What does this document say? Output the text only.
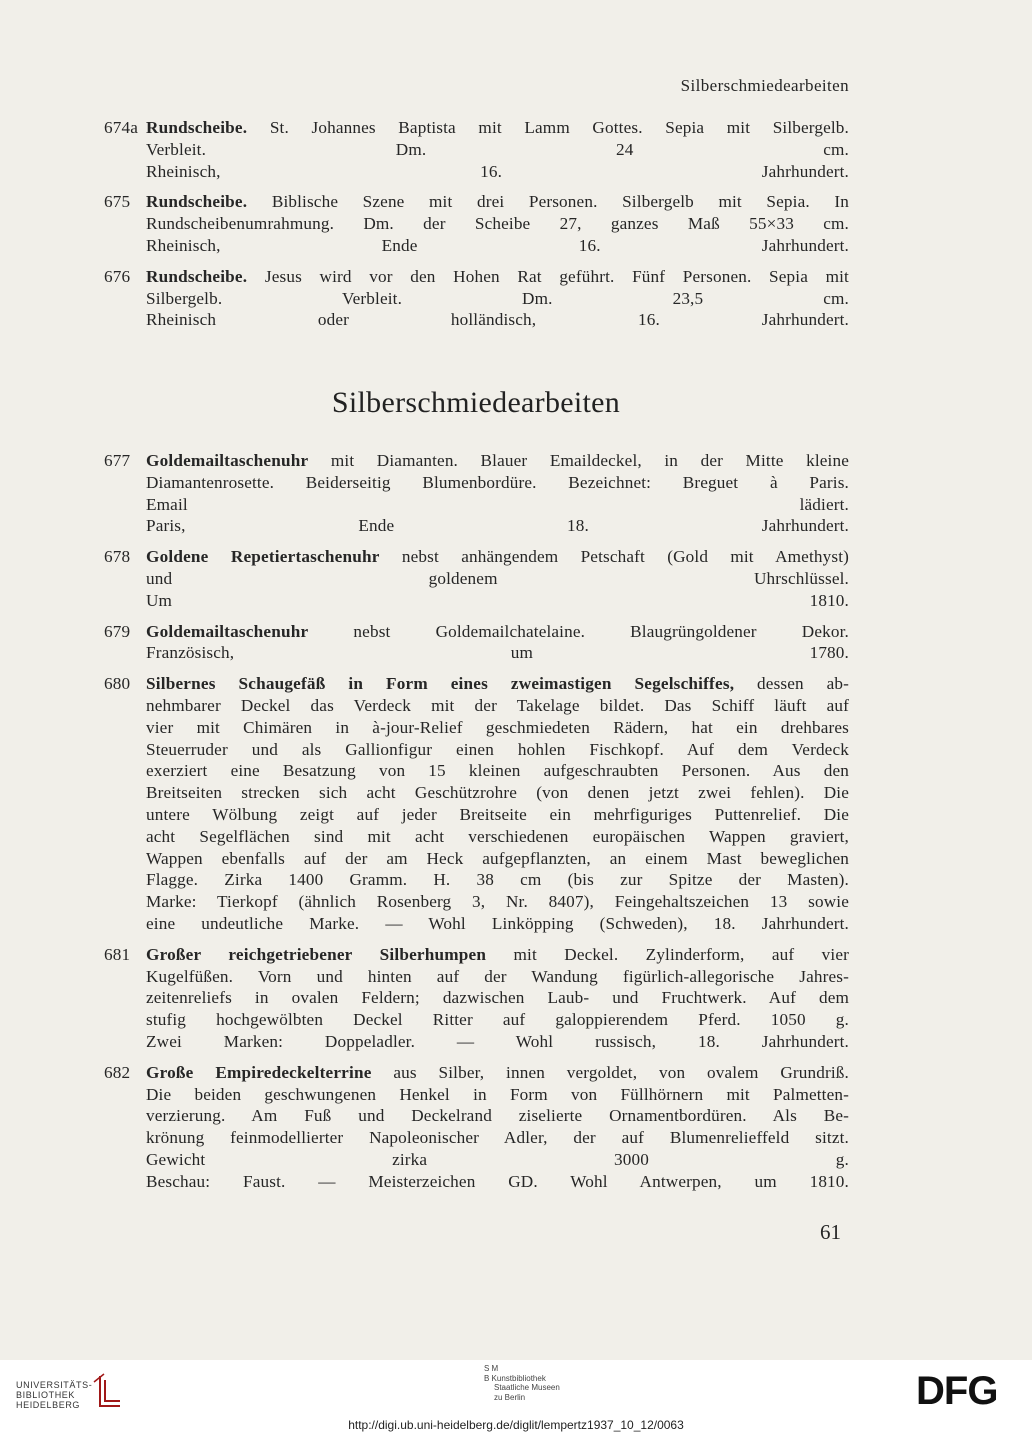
Silberschmiedearbeiten
674a Rundscheibe. St. Johannes Baptista mit Lamm Gottes. Sepia mit Silbergelb.
Verbleit. Dm. 24 cm.
Rheinisch, 16. Jahrhundert.
675 Rundscheibe. Biblische Szene mit drei Personen. Silbergelb mit Sepia. In
Rundscheibenumrahmung. Dm. der Scheibe 27, ganzes Maß 55×33 cm.
Rheinisch, Ende 16. Jahrhundert.
676 Rundscheibe. Jesus wird vor den Hohen Rat geführt. Fünf Personen. Sepia mit
Silbergelb. Verbleit. Dm. 23,5 cm.
Rheinisch oder holländisch, 16. Jahrhundert.
Silberschmiedearbeiten
677 Goldemailtaschenuhr mit Diamanten. Blauer Emaildeckel, in der Mitte kleine
Diamantenrosette. Beiderseitig Blumenbordüre. Bezeichnet: Breguet à Paris.
Email lädiert.
Paris, Ende 18. Jahrhundert.
678 Goldene Repetiertaschenuhr nebst anhängendem Petschaft (Gold mit Amethyst)
und goldenem Uhrschlüssel.
Um 1810.
679 Goldemailtaschenuhr nebst Goldemailchatelaine. Blaugrüngoldener Dekor.
Französisch, um 1780.
680 Silbernes Schaugefäß in Form eines zweimastigen Segelschiffes, dessen ab-
nehmbarer Deckel das Verdeck mit der Takelage bildet. Das Schiff läuft auf
vier mit Chimären in à-jour-Relief geschmiedeten Rädern, hat ein drehbares
Steuerruder und als Gallionfigur einen hohlen Fischkopf. Auf dem Verdeck
exerziert eine Besatzung von 15 kleinen aufgeschraubten Personen. Aus den
Breitseiten strecken sich acht Geschützrohre (von denen jetzt zwei fehlen). Die
untere Wölbung zeigt auf jeder Breitseite ein mehrfiguriges Puttenrelief. Die
acht Segelflächen sind mit acht verschiedenen europäischen Wappen graviert,
Wappen ebenfalls auf der am Heck aufgepflanzten, an einem Mast beweglichen
Flagge. Zirka 1400 Gramm. H. 38 cm (bis zur Spitze der Masten).
Marke: Tierkopf (ähnlich Rosenberg 3, Nr. 8407), Feingehaltszeichen 13 sowie
eine undeutliche Marke. — Wohl Linköpping (Schweden), 18. Jahrhundert.
681 Großer reichgetriebener Silberhumpen mit Deckel. Zylinderform, auf vier
Kugelfüßen. Vorn und hinten auf der Wandung figürlich-allegorische Jahres-
zeitenreliefs in ovalen Feldern; dazwischen Laub- und Fruchtwerk. Auf dem
stufig hochgewölbten Deckel Ritter auf galoppierendem Pferd. 1050 g.
Zwei Marken: Doppeladler. — Wohl russisch, 18. Jahrhundert.
682 Große Empiredeckelterrine aus Silber, innen vergoldet, von ovalem Grundriß.
Die beiden geschwungenen Henkel in Form von Füllhörnern mit Palmetten-
verzierung. Am Fuß und Deckelrand ziselierte Ornamentbordüren. Als Be-
krönung feinmodellierter Napoleonischer Adler, der auf Blumenrelieffeld sitzt.
Gewicht zirka 3000 g.
Beschau: Faust. — Meisterzeichen GD. Wohl Antwerpen, um 1810.
61
UNIVERSITÄTS-
BIBLIOTHEK
HEIDELBERG
S M
B Kunstbibliothek
Staatliche Museen
zu Berlin	DFG
http://digi.ub.uni-heidelberg.de/diglit/lempertz1937_10_12/0063
